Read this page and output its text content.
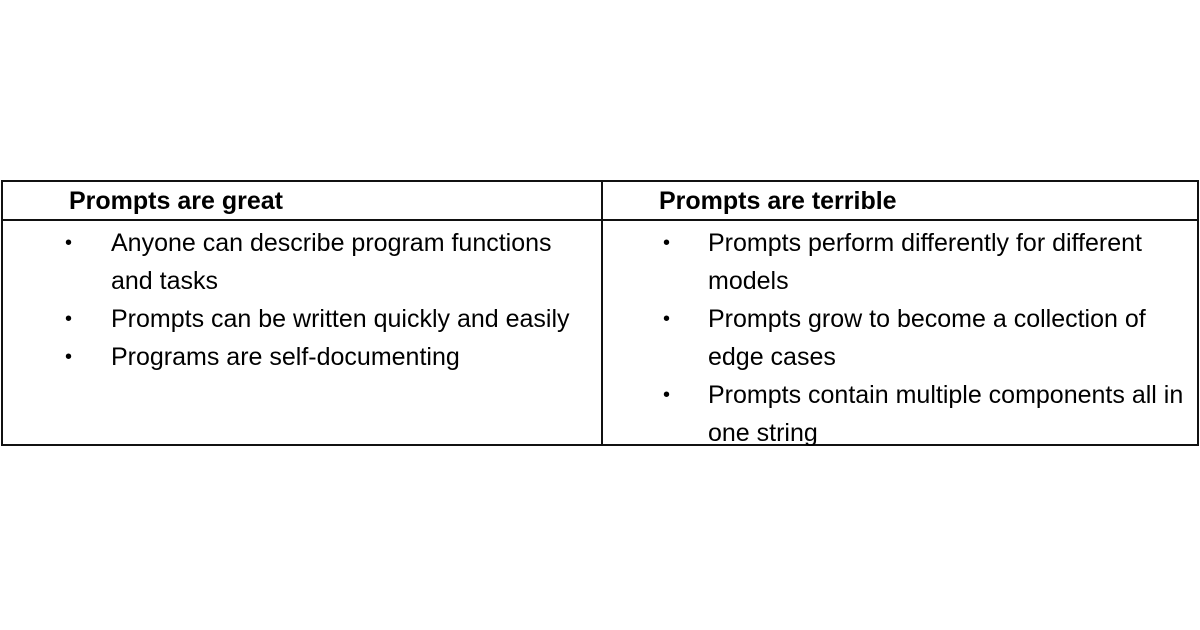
Prompts are great
• Anyone can describe program functions and tasks
• Prompts can be written quickly and easily
• Programs are self-documenting
Prompts are terrible
• Prompts perform differently for different models
• Prompts grow to become a collection of edge cases
• Prompts contain multiple components all in one string
